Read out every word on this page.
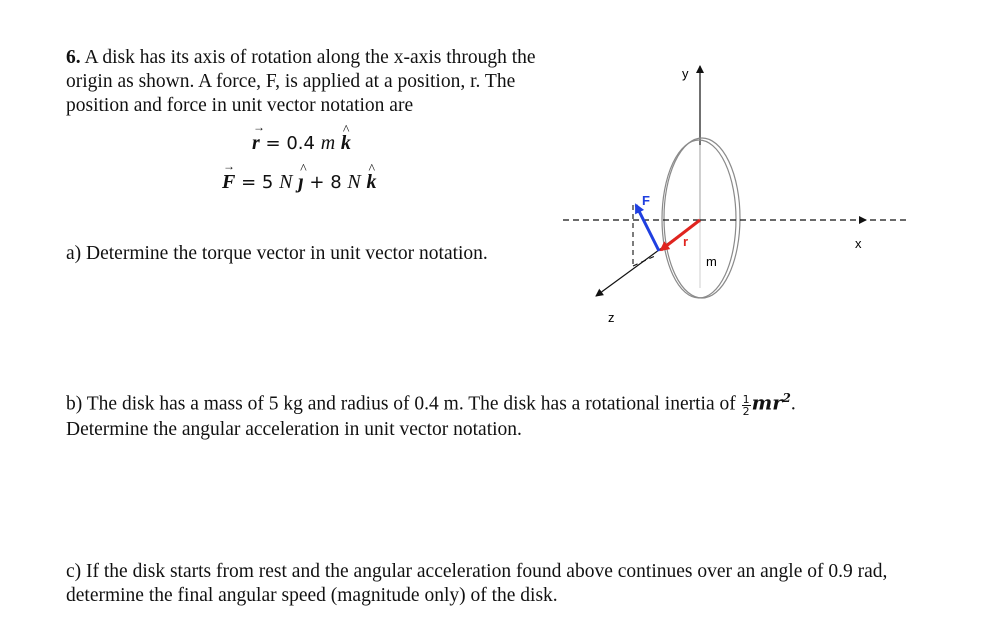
6. A disk has its axis of rotation along the x-axis through the origin as shown. A force, F, is applied at a position, r. The position and force in unit vector notation are
→ r = 0.4 m ^ k
→ F = 5 N ^ ȷ + 8 N ^ k
a) Determine the torque vector in unit vector notation.
y
x
z
F
r
m
b) The disk has a mass of 5 kg and radius of 0.4 m. The disk has a rotational inertia of $\frac{1}{2} mr^2$.
Determine the angular acceleration in unit vector notation.
c) If the disk starts from rest and the angular acceleration found above continues over an angle of 0.9 rad, determine the final angular speed (magnitude only) of the disk.
